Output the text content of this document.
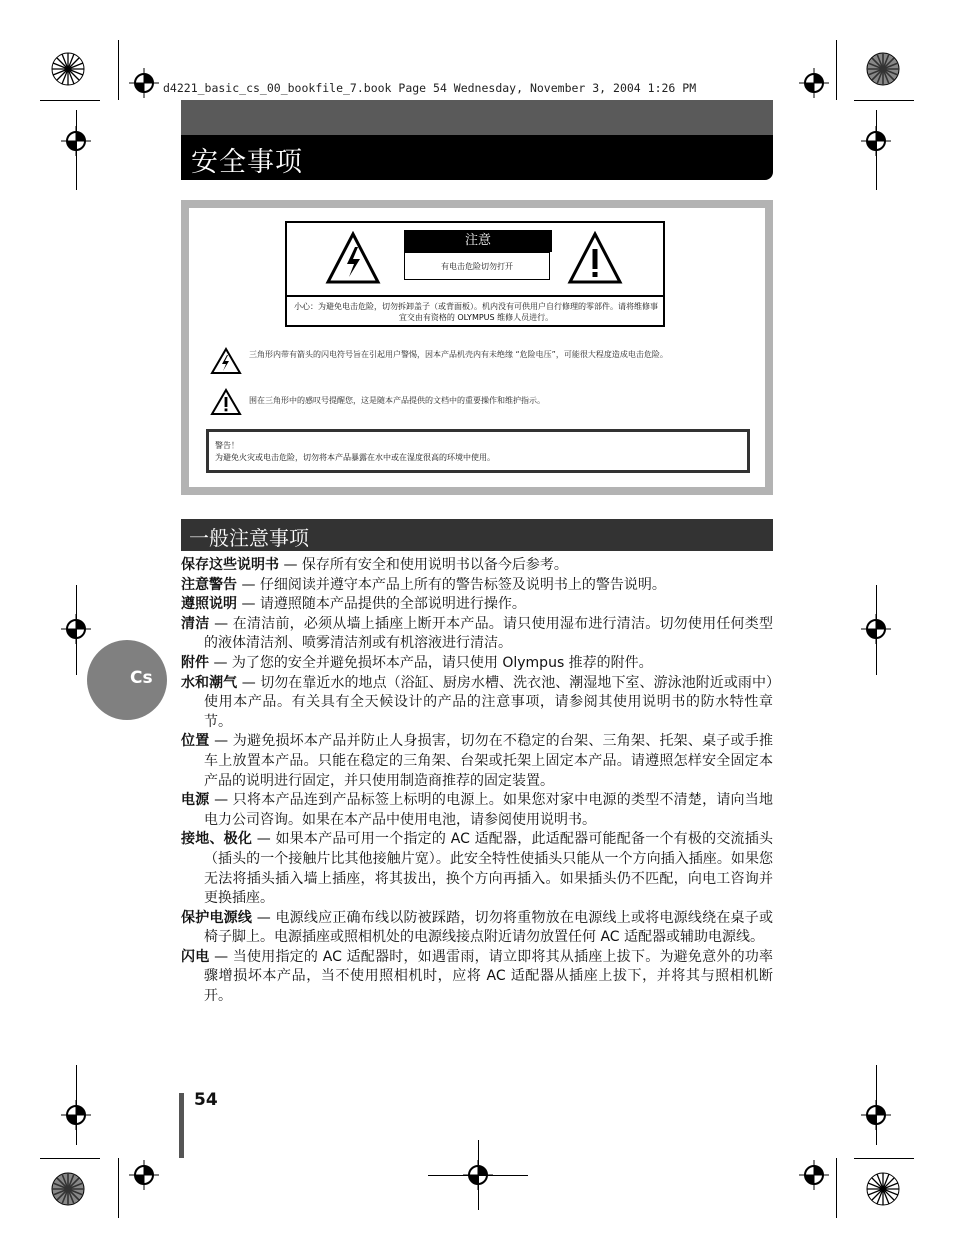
d4221_basic_cs_00_bookfile_7.book Page 54 Wednesday, November 3, 2004 1:26 PM
安全事项
注意
有电击危险切勿打开
小心：为避免电击危险，切勿拆卸盖子（或背面板）。机内没有可供用户自行修理的零部件。请将维修事宜交由有资格的 OLYMPUS 维修人员进行。
三角形内带有箭头的闪电符号旨在引起用户警惕，因本产品机壳内有未绝缘 “危险电压”，可能很大程度造成电击危险。
围在三角形中的感叹号提醒您，这是随本产品提供的文档中的重要操作和维护指示。
警告！
为避免火灾或电击危险，切勿将本产品暴露在水中或在湿度很高的环境中使用。
一般注意事项
保存这些说明书 — 保存所有安全和使用说明书以备今后参考。
注意警告 — 仔细阅读并遵守本产品上所有的警告标签及说明书上的警告说明。
遵照说明 — 请遵照随本产品提供的全部说明进行操作。
清洁 — 在清洁前，必须从墙上插座上断开本产品。请只使用湿布进行清洁。切勿使用任何类型的液体清洁剂、喷雾清洁剂或有机溶液进行清洁。
附件 — 为了您的安全并避免损坏本产品，请只使用 Olympus 推荐的附件。
水和潮气 — 切勿在靠近水的地点（浴缸、厨房水槽、洗衣池、潮湿地下室、游泳池附近或雨中）使用本产品。有关具有全天候设计的产品的注意事项，请参阅其使用说明书的防水特性章节。
位置 — 为避免损坏本产品并防止人身损害，切勿在不稳定的台架、三角架、托架、桌子或手推车上放置本产品。只能在稳定的三角架、台架或托架上固定本产品。请遵照怎样安全固定本产品的说明进行固定，并只使用制造商推荐的固定装置。
电源 — 只将本产品连到产品标签上标明的电源上。如果您对家中电源的类型不清楚，请向当地电力公司咨询。如果在本产品中使用电池，请参阅使用说明书。
接地、极化 — 如果本产品可用一个指定的 AC 适配器，此适配器可能配备一个有极的交流插头（插头的一个接触片比其他接触片宽）。此安全特性使插头只能从一个方向插入插座。如果您无法将插头插入墙上插座，将其拔出，换个方向再插入。如果插头仍不匹配，向电工咨询并更换插座。
保护电源线 — 电源线应正确布线以防被踩踏，切勿将重物放在电源线上或将电源线绕在桌子或椅子脚上。电源插座或照相机处的电源线接点附近请勿放置任何 AC 适配器或辅助电源线。
闪电 — 当使用指定的 AC 适配器时，如遇雷雨，请立即将其从插座上拔下。为避免意外的功率骤增损坏本产品，当不使用照相机时，应将 AC 适配器从插座上拔下，并将其与照相机断开。
Cs
54
